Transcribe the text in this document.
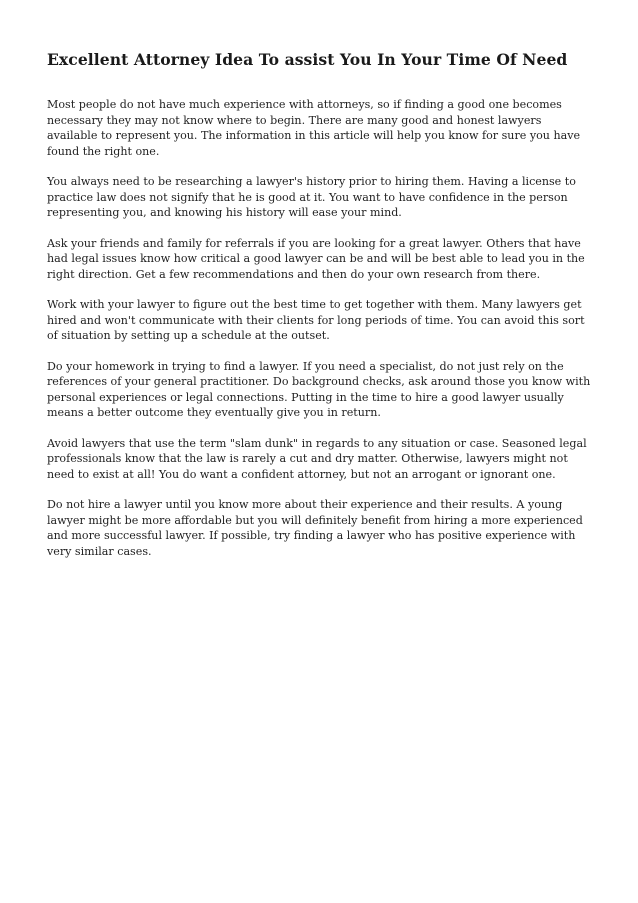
Excellent Attorney Idea To assist You In Your Time Of Need

Most people do not have much experience with attorneys, so if finding a good one becomes necessary they may not know where to begin. There are many good and honest lawyers available to represent you. The information in this article will help you know for sure you have found the right one.

You always need to be researching a lawyer's history prior to hiring them. Having a license to practice law does not signify that he is good at it. You want to have confidence in the person representing you, and knowing his history will ease your mind.

Ask your friends and family for referrals if you are looking for a great lawyer. Others that have had legal issues know how critical a good lawyer can be and will be best able to lead you in the right direction. Get a few recommendations and then do your own research from there.

Work with your lawyer to figure out the best time to get together with them. Many lawyers get hired and won't communicate with their clients for long periods of time. You can avoid this sort of situation by setting up a schedule at the outset.

Do your homework in trying to find a lawyer. If you need a specialist, do not just rely on the references of your general practitioner. Do background checks, ask around those you know with personal experiences or legal connections. Putting in the time to hire a good lawyer usually means a better outcome they eventually give you in return.

Avoid lawyers that use the term "slam dunk" in regards to any situation or case. Seasoned legal professionals know that the law is rarely a cut and dry matter. Otherwise, lawyers might not need to exist at all! You do want a confident attorney, but not an arrogant or ignorant one.

Do not hire a lawyer until you know more about their experience and their results. A young lawyer might be more affordable but you will definitely benefit from hiring a more experienced and more successful lawyer. If possible, try finding a lawyer who has positive experience with very similar cases.
